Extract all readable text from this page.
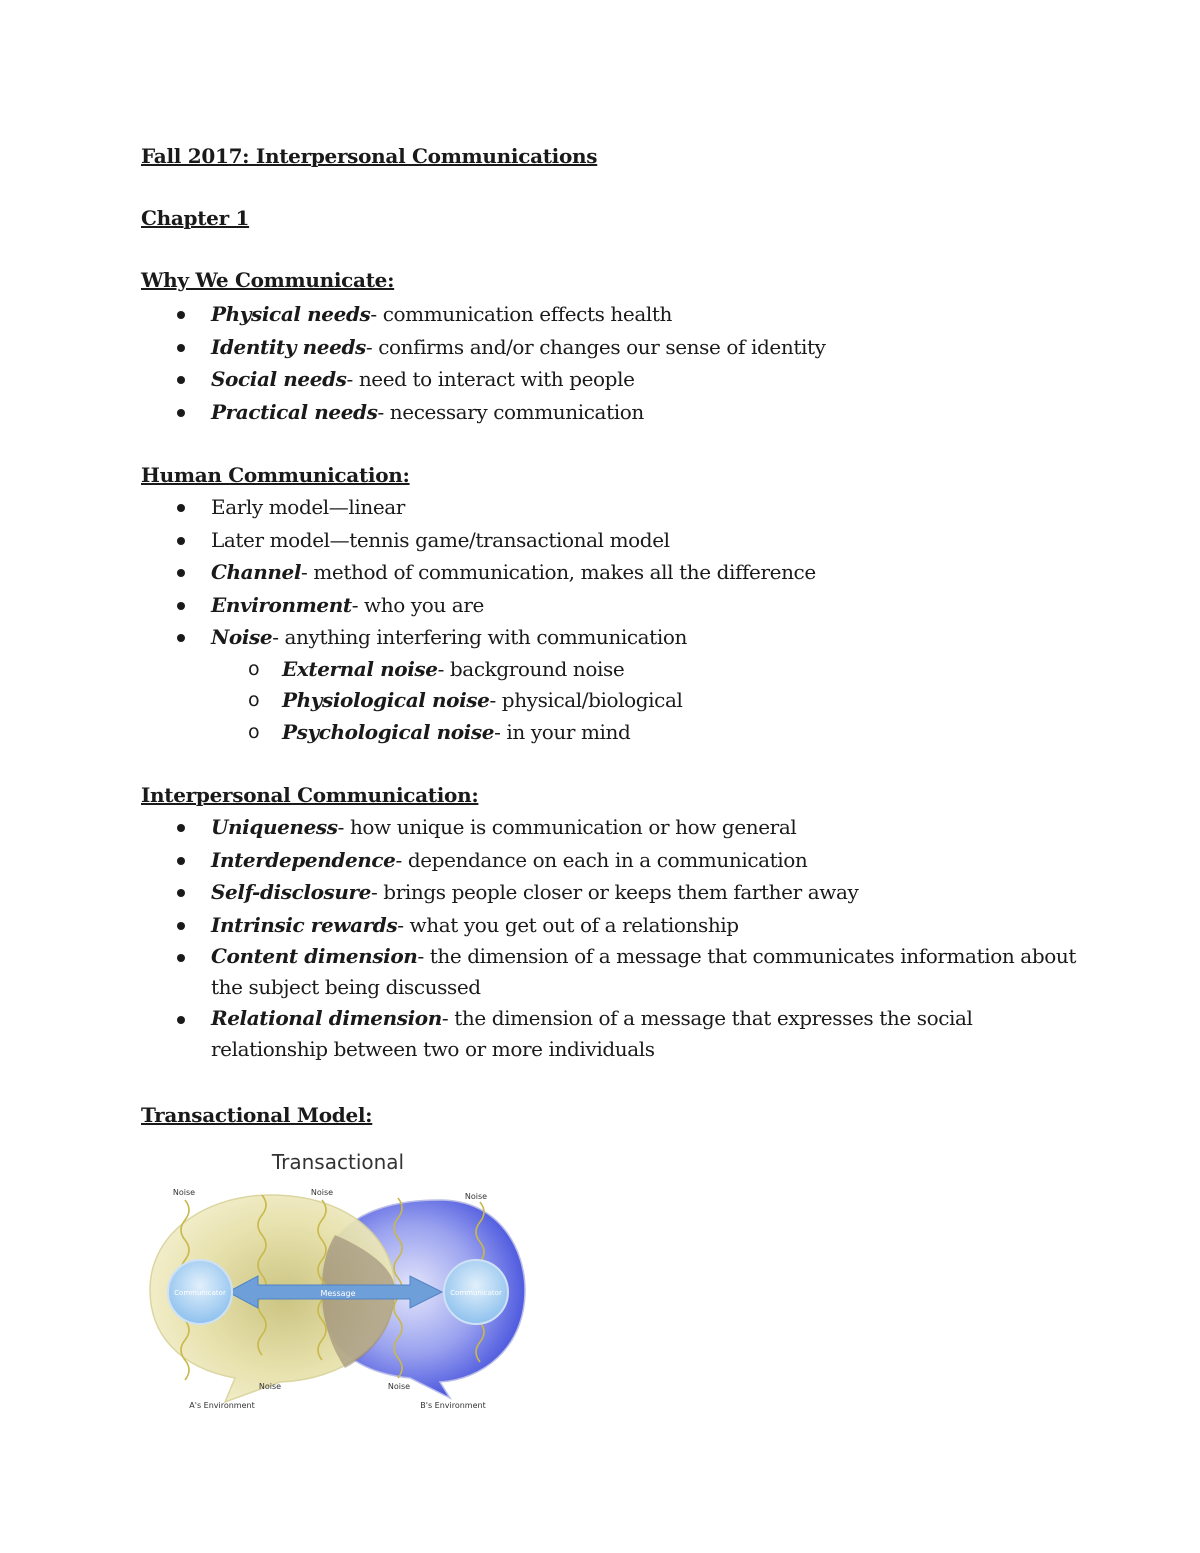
Fall 2017: Interpersonal Communications
Chapter 1
Why We Communicate:
Physical needs- communication effects health
Identity needs- confirms and/or changes our sense of identity
Social needs- need to interact with people
Practical needs- necessary communication
Human Communication:
Early model—linear
Later model—tennis game/transactional model
Channel- method of communication, makes all the difference
Environment- who you are
Noise- anything interfering with communication
o External noise- background noise
o Physiological noise- physical/biological
o Psychological noise- in your mind
Interpersonal Communication:
Uniqueness- how unique is communication or how general
Interdependence- dependance on each in a communication
Self-disclosure- brings people closer or keeps them farther away
Intrinsic rewards- what you get out of a relationship
Content dimension- the dimension of a message that communicates information about the subject being discussed
Relational dimension- the dimension of a message that expresses the social relationship between two or more individuals
Transactional Model:
Transactional
Message
Communicator	Communicator
Noise	Noise	Noise
Noise	Noise
A's Environment	B's Environment
